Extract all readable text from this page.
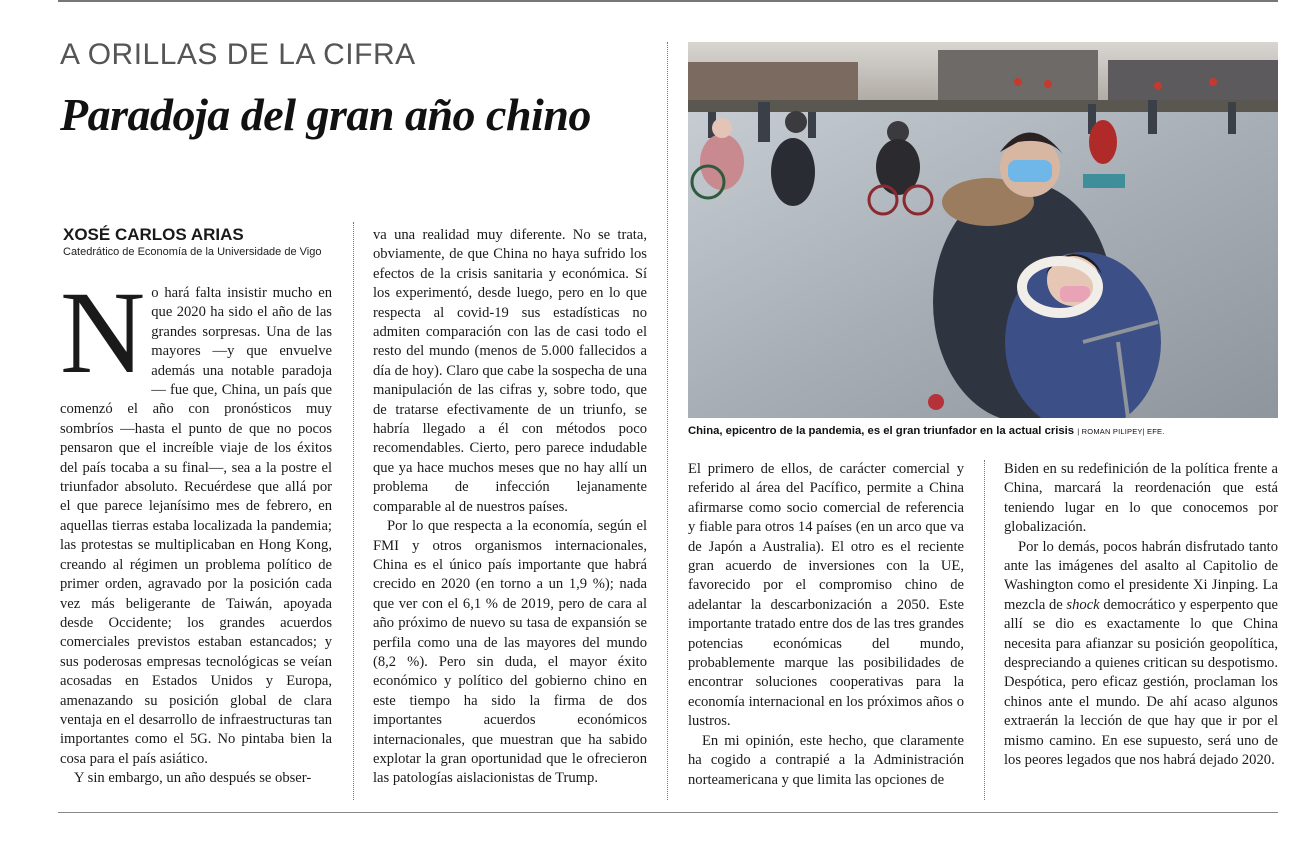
A ORILLAS DE LA CIFRA
Paradoja del gran año chino
XOSÉ CARLOS ARIAS
Catedrático de Economía de la Universidade de Vigo

No hará falta insistir mucho en que 2020 ha sido el año de las grandes sorpresas. Una de las mayores —y que envuelve además una notable paradoja— fue que, China, un país que comenzó el año con pronósticos muy sombríos —hasta el punto de que no pocos pensaron que el increíble viaje de los éxitos del país tocaba a su final—, sea a la postre el triunfador absoluto. Recuérdese que allá por el que parece lejanísimo mes de febrero, en aquellas tierras estaba localizada la pandemia; las protestas se multiplicaban en Hong Kong, creando al régimen un problema político de primer orden, agravado por la posición cada vez más beligerante de Taiwán, apoyada desde Occidente; los grandes acuerdos comerciales previstos estaban estancados; y sus poderosas empresas tecnológicas se veían acosadas en Estados Unidos y Europa, amenazando su posición global de clara ventaja en el desarrollo de infraestructuras tan importantes como el 5G. No pintaba bien la cosa para el país asiático.

Y sin embargo, un año después se obser-

va una realidad muy diferente. No se trata, obviamente, de que China no haya sufrido los efectos de la crisis sanitaria y económica. Sí los experimentó, desde luego, pero en lo que respecta al covid-19 sus estadísticas no admiten comparación con las de casi todo el resto del mundo (menos de 5.000 fallecidos a día de hoy). Claro que cabe la sospecha de una manipulación de las cifras y, sobre todo, que de tratarse efectivamente de un triunfo, se habría llegado a él con métodos poco recomendables. Cierto, pero parece indudable que ya hace muchos meses que no hay allí un problema de infección lejanamente comparable al de nuestros países.

Por lo que respecta a la economía, según el FMI y otros organismos internacionales, China es el único país importante que habrá crecido en 2020 (en torno a un 1,9 %); nada que ver con el 6,1 % de 2019, pero de cara al año próximo de nuevo su tasa de expansión se perfila como una de las mayores del mundo (8,2 %). Pero sin duda, el mayor éxito económico y político del gobierno chino en este tiempo ha sido la firma de dos importantes acuerdos económicos internacionales, que muestran que ha sabido explotar la gran oportunidad que le ofrecieron las patologías aislacionistas de Trump.

China, epicentro de la pandemia, es el gran triunfador en la actual crisis | ROMAN PILIPEY| EFE.

El primero de ellos, de carácter comercial y referido al área del Pacífico, permite a China afirmarse como socio comercial de referencia y fiable para otros 14 países (en un arco que va de Japón a Australia). El otro es el reciente gran acuerdo de inversiones con la UE, favorecido por el compromiso chino de adelantar la descarbonización a 2050. Este importante tratado entre dos de las tres grandes potencias económicas del mundo, probablemente marque las posibilidades de encontrar soluciones cooperativas para la economía internacional en los próximos años o lustros.

En mi opinión, este hecho, que claramente ha cogido a contrapié a la Administración norteamericana y que limita las opciones de

Biden en su redefinición de la política frente a China, marcará la reordenación que está teniendo lugar en lo que conocemos por globalización.

Por lo demás, pocos habrán disfrutado tanto ante las imágenes del asalto al Capitolio de Washington como el presidente Xi Jinping. La mezcla de shock democrático y esperpento que allí se dio es exactamente lo que China necesita para afianzar su posición geopolítica, despreciando a quienes critican su despotismo. Despótica, pero eficaz gestión, proclaman los chinos ante el mundo. De ahí acaso algunos extraerán la lección de que hay que ir por el mismo camino. En ese supuesto, será uno de los peores legados que nos habrá dejado 2020.
